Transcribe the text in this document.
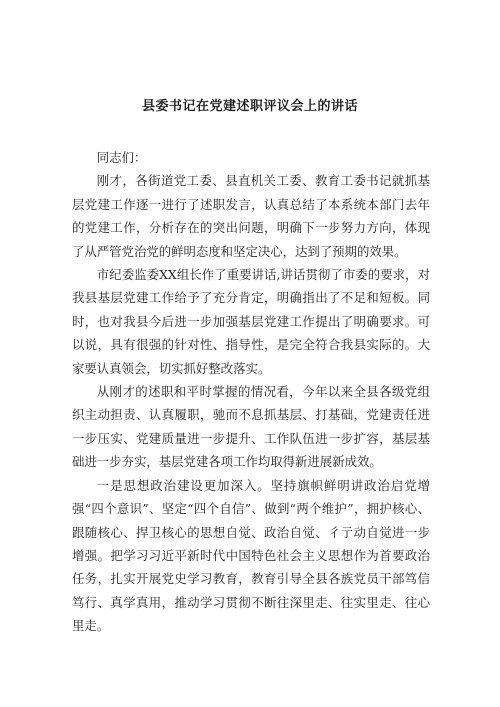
县委书记在党建述职评议会上的讲话

同志们：

刚才，各街道党工委、县直机关工委、教育工委书记就抓基层党建工作逐一进行了述职发言，认真总结了本系统本部门去年的党建工作，分析存在的突出问题，明确下一步努力方向，体现了从严管党治党的鲜明态度和坚定决心，达到了预期的效果。

市纪委监委XX组长作了重要讲话,讲话贯彻了市委的要求，对我县基层党建工作给予了充分肯定，明确指出了不足和短板。同时，也对我县今后进一步加强基层党建工作提出了明确要求。可以说，具有很强的针对性、指导性，是完全符合我县实际的。大家要认真领会，切实抓好整改落实。

从刚才的述职和平时掌握的情况看，今年以来全县各级党组织主动担责、认真履职，驰而不息抓基层、打基础，党建责任进一步压实、党建质量进一步提升、工作队伍进一步扩容，基层基础进一步夯实，基层党建各项工作均取得新进展新成效。

一是思想政治建设更加深入。坚持旗帜鲜明讲政治启党增强“四个意识”、坚定“四个自信”、做到“两个维护”，拥护核心、跟随核心、捍卫核心的思想自觉、政治自觉、彳亍动自觉进一步增强。把学习习近平新时代中国特色社会主义思想作为首要政治任务，扎实开展党史学习教育，教育引导全县各族党员干部笃信笃行、真学真用，推动学习贯彻不断往深里走、往实里走、往心里走。
